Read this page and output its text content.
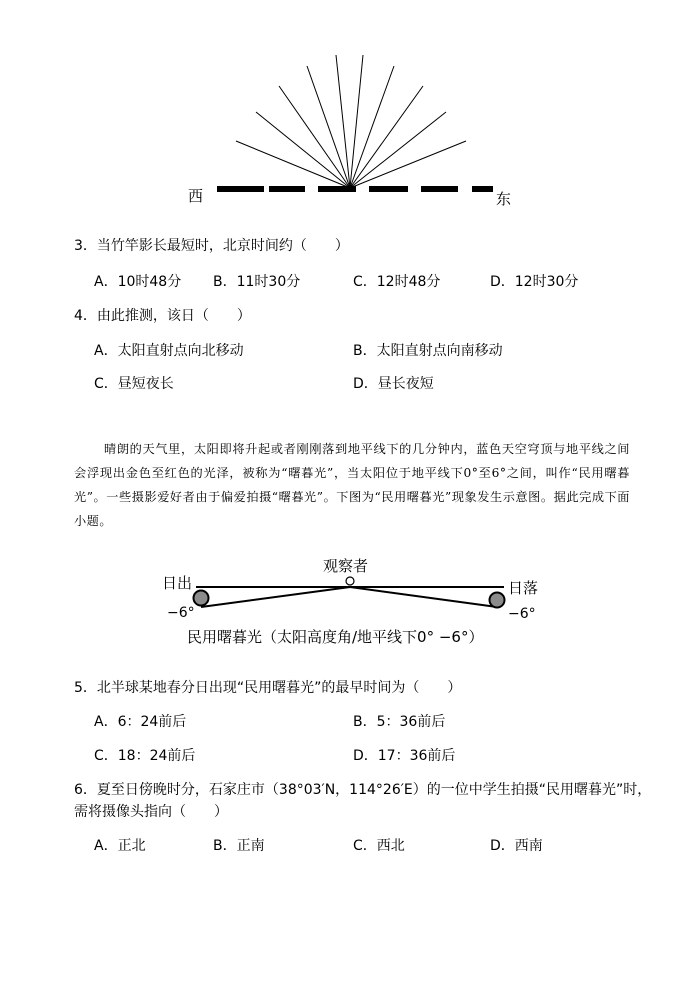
西	东
3．当竹竿影长最短时，北京时间约（　　）
A．10时48分 B．11时30分	C．12时48分	D．12时30分
4．由此推测，该日（　　）
A．太阳直射点向北移动	B．太阳直射点向南移动
C．昼短夜长	D．昼长夜短

晴朗的天气里，太阳即将升起或者刚刚落到地平线下的几分钟内，蓝色天空穹顶与地平线之间会浮现出金色至红色的光泽，被称为“曙暮光”，当太阳位于地平线下0°至6°之间，叫作“民用曙暮光”。一些摄影爱好者由于偏爱拍摄“曙暮光”。下图为“民用曙暮光”现象发生示意图。据此完成下面小题。

观察者
日出	日落
−6°	−6°
民用曙暮光（太阳高度角/地平线下0° −6°）
5．北半球某地春分日出现“民用曙暮光”的最早时间为（　　）
A．6：24前后	B．5：36前后
C．18：24前后	D．17：36前后
6．夏至日傍晚时分，石家庄市（38°03′N，114°26′E）的一位中学生拍摄“民用曙暮光”时，
需将摄像头指向（　　）
A．正北	B．正南	C．西北	D．西南
